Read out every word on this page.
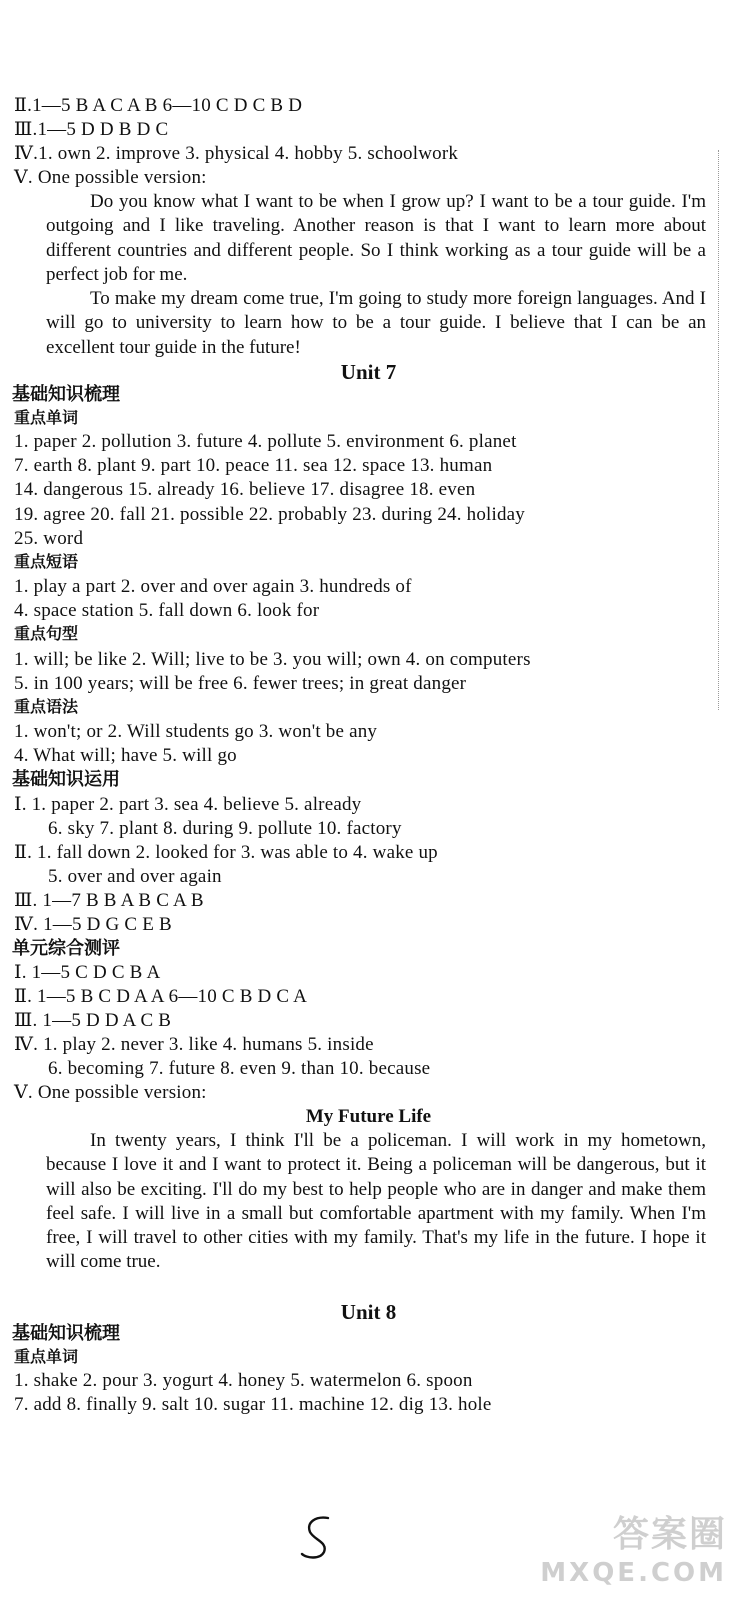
Ⅱ.1—5 B A C A B 6—10 C D C B D
Ⅲ.1—5 D D B D C
Ⅳ.1. own 2. improve 3. physical 4. hobby 5. schoolwork
Ⅴ. One possible version:
Do you know what I want to be when I grow up? I want to be a tour guide. I'm outgoing and I like traveling. Another reason is that I want to learn more about different countries and different people. So I think working as a tour guide will be a perfect job for me.
To make my dream come true, I'm going to study more foreign languages. And I will go to university to learn how to be a tour guide. I believe that I can be an excellent tour guide in the future!
Unit 7
基础知识梳理
重点单词
1. paper 2. pollution 3. future 4. pollute 5. environment 6. planet
7. earth 8. plant 9. part 10. peace 11. sea 12. space 13. human
14. dangerous 15. already 16. believe 17. disagree 18. even
19. agree 20. fall 21. possible 22. probably 23. during 24. holiday
25. word
重点短语
1. play a part 2. over and over again 3. hundreds of
4. space station 5. fall down 6. look for
重点句型
1. will; be like 2. Will; live to be 3. you will; own 4. on computers
5. in 100 years; will be free 6. fewer trees; in great danger
重点语法
1. won't; or 2. Will students go 3. won't be any
4. What will; have 5. will go
基础知识运用
Ⅰ. 1. paper 2. part 3. sea 4. believe 5. already
6. sky 7. plant 8. during 9. pollute 10. factory
Ⅱ. 1. fall down 2. looked for 3. was able to 4. wake up
5. over and over again
Ⅲ. 1—7 B B A B C A B
Ⅳ. 1—5 D G C E B
单元综合测评
Ⅰ. 1—5 C D C B A
Ⅱ. 1—5 B C D A A 6—10 C B D C A
Ⅲ. 1—5 D D A C B
Ⅳ. 1. play 2. never 3. like 4. humans 5. inside
6. becoming 7. future 8. even 9. than 10. because
Ⅴ. One possible version:
My Future Life
In twenty years, I think I'll be a policeman. I will work in my hometown, because I love it and I want to protect it. Being a policeman will be dangerous, but it will also be exciting. I'll do my best to help people who are in danger and make them feel safe. I will live in a small but comfortable apartment with my family. When I'm free, I will travel to other cities with my family. That's my life in the future. I hope it will come true.
Unit 8
基础知识梳理
重点单词
1. shake 2. pour 3. yogurt 4. honey 5. watermelon 6. spoon
7. add 8. finally 9. salt 10. sugar 11. machine 12. dig 13. hole
答案圈
MXQE.COM
